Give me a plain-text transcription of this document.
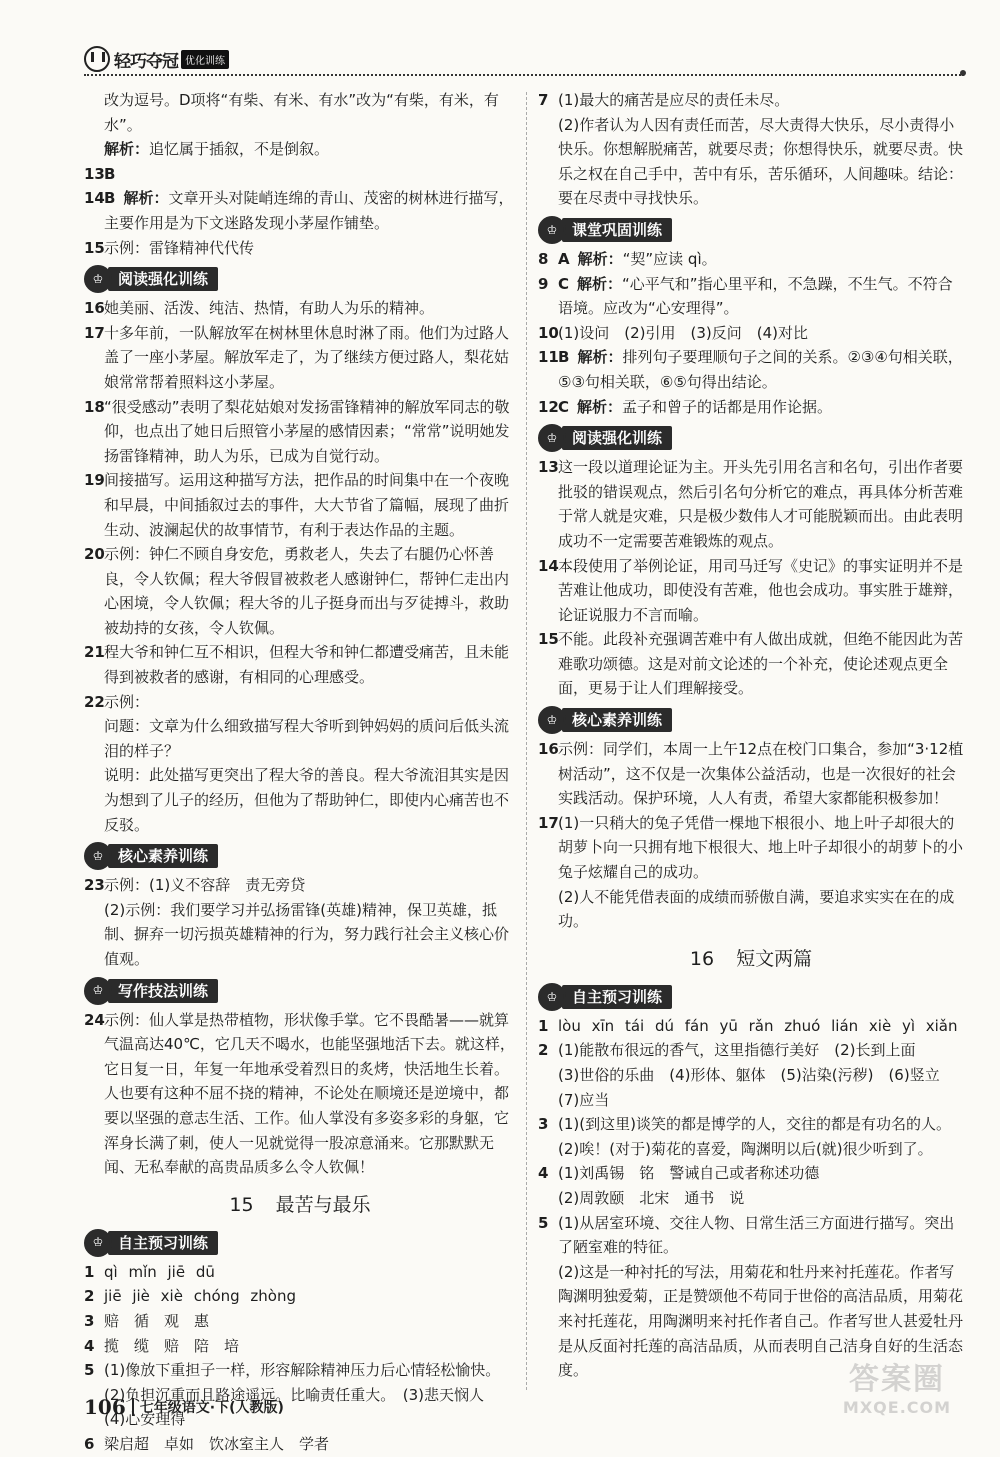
轻巧夺冠 优化训练

改为逗号。D项将“有柴、有米、有水”改为“有柴，有米，有水”。

解析：追忆属于插叙，不是倒叙。

13 B
14 B 解析：文章开头对陡峭连绵的青山、茂密的树林进行描写，主要作用是为下文迷路发现小茅屋作铺垫。
15 示例：雷锋精神代代传
♔ 阅读强化训练
16 她美丽、活泼、纯洁、热情，有助人为乐的精神。
17 十多年前，一队解放军在树林里休息时淋了雨。他们为过路人盖了一座小茅屋。解放军走了，为了继续方便过路人，梨花姑娘常常帮着照料这小茅屋。
18 “很受感动”表明了梨花姑娘对发扬雷锋精神的解放军同志的敬仰，也点出了她日后照管小茅屋的感情因素；“常常”说明她发扬雷锋精神，助人为乐，已成为自觉行动。
19 间接描写。运用这种描写方法，把作品的时间集中在一个夜晚和早晨，中间插叙过去的事件，大大节省了篇幅，展现了曲折生动、波澜起伏的故事情节，有利于表达作品的主题。
20 示例：钟仁不顾自身安危，勇救老人，失去了右腿仍心怀善良，令人钦佩；程大爷假冒被救老人感谢钟仁，帮钟仁走出内心困境，令人钦佩；程大爷的儿子挺身而出与歹徒搏斗，救助被劫持的女孩，令人钦佩。
21 程大爷和钟仁互不相识，但程大爷和钟仁都遭受痛苦，且未能得到被救者的感谢，有相同的心理感受。
22 示例：

问题：文章为什么细致描写程大爷听到钟妈妈的质问后低头流泪的样子？

说明：此处描写更突出了程大爷的善良。程大爷流泪其实是因为想到了儿子的经历，但他为了帮助钟仁，即使内心痛苦也不反驳。

♔ 核心素养训练
23 示例：(1)义不容辞　责无旁贷

(2)示例：我们要学习并弘扬雷锋(英雄)精神，保卫英雄，抵制、摒弃一切污损英雄精神的行为，努力践行社会主义核心价值观。

♔ 写作技法训练
24 示例：仙人掌是热带植物，形状像手掌。它不畏酷暑——就算气温高达40℃，它几天不喝水，也能坚强地活下去。就这样，它日复一日，年复一年地承受着烈日的炙烤，快活地生长着。人也要有这种不屈不挠的精神，不论处在顺境还是逆境中，都要以坚强的意志生活、工作。仙人掌没有多姿多彩的身躯，它浑身长满了刺，使人一见就觉得一股凉意涌来。它那默默无闻、无私奉献的高贵品质多么令人钦佩！
15 最苦与最乐
♔ 自主预习训练
1 qì mǐn jiē dū
2 jiē jiè xiè chóng zhòng
3 赔　循　观　惠
4 揽　缆　赔　陪　培
5 (1)像放下重担子一样，形容解除精神压力后心情轻松愉快。

(2)负担沉重而且路途遥远。比喻责任重大。　(3)悲天悯人

(4)心安理得

6 梁启超　卓如　饮冰室主人　学者
7 (1)最大的痛苦是应尽的责任未尽。

(2)作者认为人因有责任而苦，尽大责得大快乐，尽小责得小快乐。你想解脱痛苦，就要尽责；你想得快乐，就要尽责。快乐之权在自己手中，苦中有乐，苦乐循环，人间趣味。结论：要在尽责中寻找快乐。

♔ 课堂巩固训练
8 A 解析：“契”应读 qì。
9 C 解析：“心平气和”指心里平和，不急躁，不生气。不符合语境。应改为“心安理得”。
10 (1)设问　(2)引用　(3)反问　(4)对比
11 B 解析：排列句子要理顺句子之间的关系。②③④句相关联，⑤③句相关联，⑥⑤句得出结论。
12 C 解析：孟子和曾子的话都是用作论据。
♔ 阅读强化训练
13 这一段以道理论证为主。开头先引用名言和名句，引出作者要批驳的错误观点，然后引名句分析它的难点，再具体分析苦难于常人就是灾难，只是极少数伟人才可能脱颖而出。由此表明成功不一定需要苦难锻炼的观点。
14 本段使用了举例论证，用司马迁写《史记》的事实证明并不是苦难让他成功，即使没有苦难，他也会成功。事实胜于雄辩，论证说服力不言而喻。
15 不能。此段补充强调苦难中有人做出成就，但绝不能因此为苦难歌功颂德。这是对前文论述的一个补充，使论述观点更全面，更易于让人们理解接受。
♔ 核心素养训练
16 示例：同学们，本周一上午12点在校门口集合，参加“3·12植树活动”，这不仅是一次集体公益活动，也是一次很好的社会实践活动。保护环境，人人有责，希望大家都能积极参加！
17 (1)一只稍大的兔子凭借一棵地下根很小、地上叶子却很大的胡萝卜向一只拥有地下根很大、地上叶子却很小的胡萝卜的小兔子炫耀自己的成功。

(2)人不能凭借表面的成绩而骄傲自满，要追求实实在在的成功。

16 短文两篇
♔ 自主预习训练
1 lòu xīn tái dú fán yū rǎn zhuó lián xiè yì xiǎn
2 (1)能散布很远的香气，这里指德行美好　(2)长到上面

(3)世俗的乐曲　(4)形体、躯体　(5)沾染(污秽)　(6)竖立

(7)应当

3 (1)(到这里)谈笑的都是博学的人，交往的都是有功名的人。

(2)唉！(对于)菊花的喜爱，陶渊明以后(就)很少听到了。

4 (1)刘禹锡　铭　警诫自己或者称述功德

(2)周敦颐　北宋　通书　说

5 (1)从居室环境、交往人物、日常生活三方面进行描写。突出了陋室难的特征。

(2)这是一种衬托的写法，用菊花和牡丹来衬托莲花。作者写陶渊明独爱菊，正是赞颂他不苟同于世俗的高洁品质，用菊花来衬托莲花，用陶渊明来衬托作者自己。作者写世人甚爱牡丹是从反面衬托莲的高洁品质，从而表明自己洁身自好的生活态度。

106 七年级语文·下(人教版)
答案圈
MXQE.COM
